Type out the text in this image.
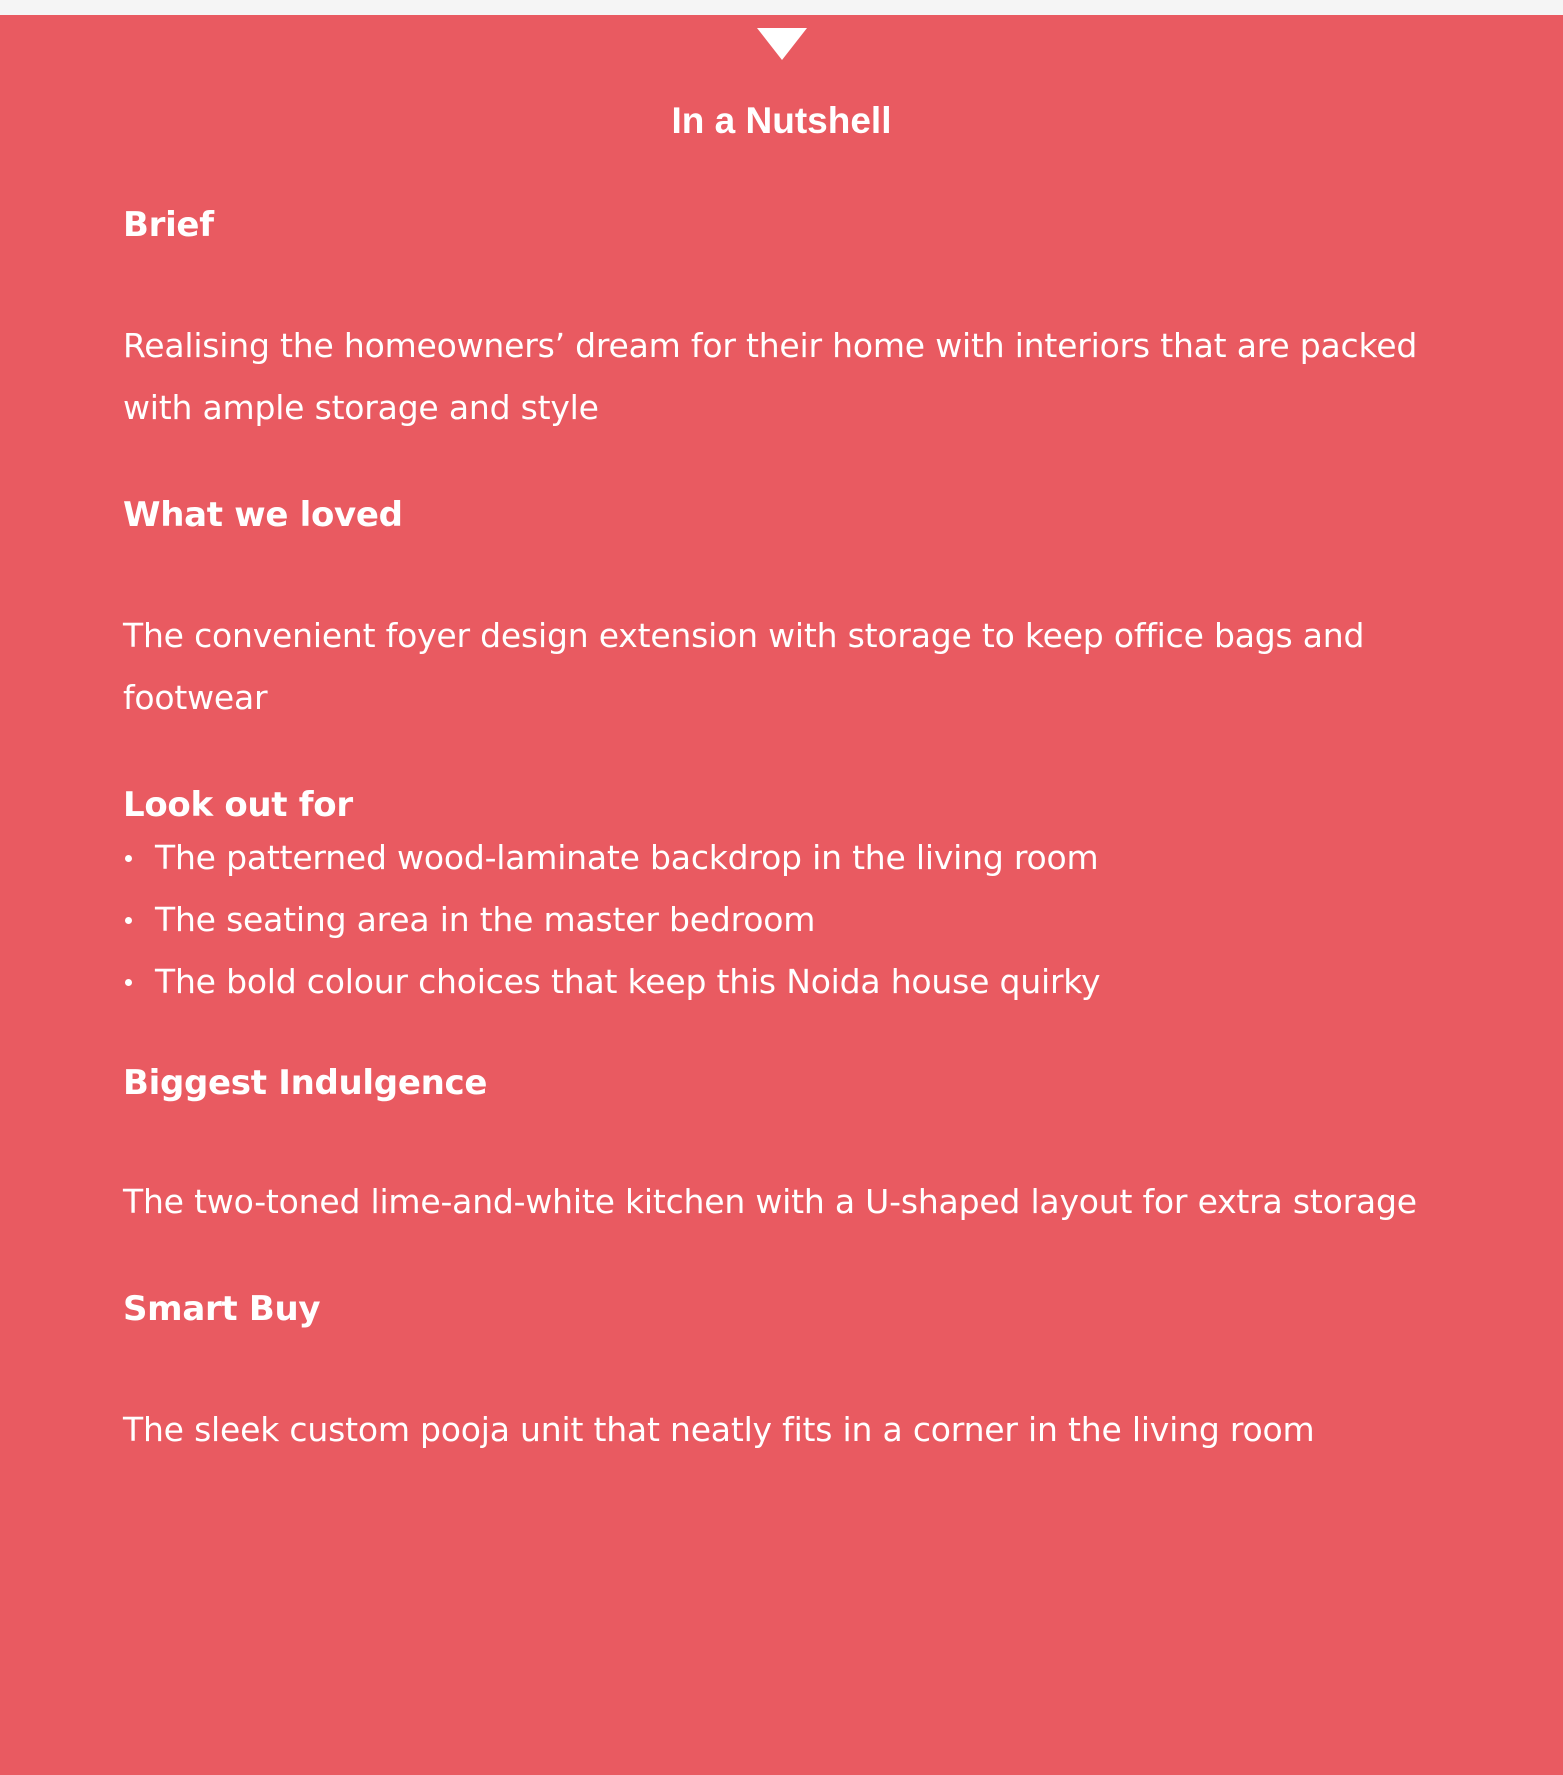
In a Nutshell
Brief

Realising the homeowners’ dream for their home with interiors that are packed with ample storage and style

What we loved

The convenient foyer design extension with storage to keep office bags and footwear

Look out for
The patterned wood-laminate backdrop in the living room
The seating area in the master bedroom
The bold colour choices that keep this Noida house quirky
Biggest Indulgence

The two-toned lime-and-white kitchen with a U-shaped layout for extra storage

Smart Buy

The sleek custom pooja unit that neatly fits in a corner in the living room
